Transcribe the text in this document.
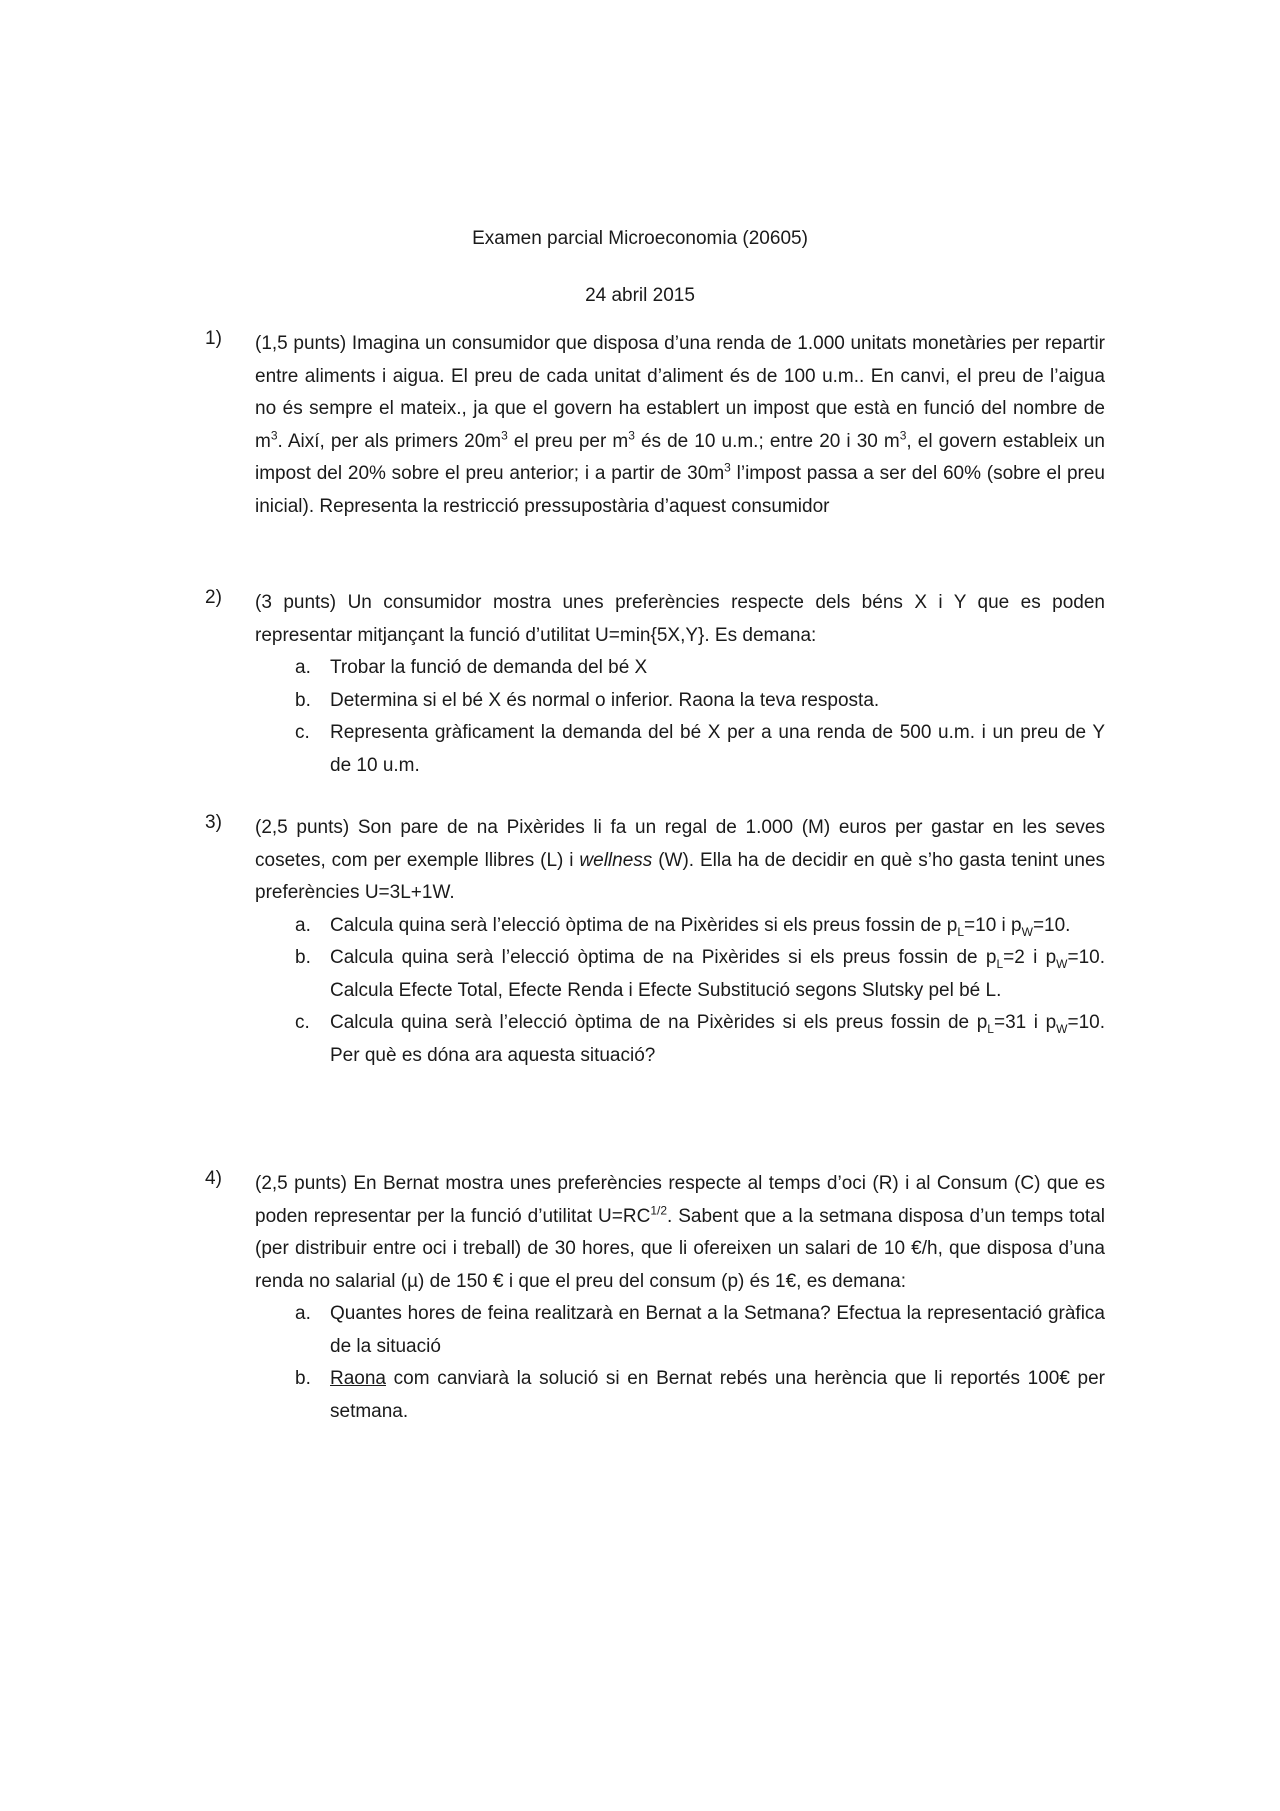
Examen parcial Microeconomia (20605)
24 abril 2015
1)	(1,5 punts) Imagina un consumidor que disposa d’una renda de 1.000 unitats monetàries per repartir entre aliments i aigua. El preu de cada unitat d’aliment és de 100 u.m.. En canvi, el preu de l’aigua no és sempre el mateix., ja que el govern ha establert un impost que està en funció del nombre de $m^3$. Així, per als primers $20m^3$ el preu per $m^3$ és de 10 u.m.; entre 20 i 30 $m^3$, el govern estableix un impost del 20% sobre el preu anterior; i a partir de $30m^3$ l’impost passa a ser del 60% (sobre el preu inicial). Representa la restricció pressupostària d’aquest consumidor

2)	(3 punts) Un consumidor mostra unes preferències respecte dels béns X i Y que es poden representar mitjançant la funció d’utilitat U=min{5X,Y}. Es demana:

a. Trobar la funció de demanda del bé X
b. Determina si el bé X és normal o inferior. Raona la teva resposta.
c. Representa gràficament la demanda del bé X per a una renda de 500 u.m. i un preu de Y de 10 u.m.
3)	(2,5 punts) Son pare de na Pixèrides li fa un regal de 1.000 (M) euros per gastar en les seves cosetes, com per exemple llibres (L) i wellness (W). Ella ha de decidir en què s’ho gasta tenint unes preferències U=3L+1W.

a. Calcula quina serà l’elecció òptima de na Pixèrides si els preus fossin de $p_L=10$ i $p_W=10$.
b. Calcula quina serà l’elecció òptima de na Pixèrides si els preus fossin de $p_L=2$ i $p_W=10$. Calcula Efecte Total, Efecte Renda i Efecte Substitució segons Slutsky pel bé L.
c. Calcula quina serà l’elecció òptima de na Pixèrides si els preus fossin de $p_L=31$ i $p_W=10$. Per què es dóna ara aquesta situació?
4)	(2,5 punts) En Bernat mostra unes preferències respecte al temps d’oci (R) i al Consum (C) que es poden representar per la funció d’utilitat $U=RC^{1/2}$. Sabent que a la setmana disposa d’un temps total (per distribuir entre oci i treball) de 30 hores, que li ofereixen un salari de 10 €/h, que disposa d’una renda no salarial (µ) de 150 € i que el preu del consum (p) és 1€, es demana:

a. Quantes hores de feina realitzarà en Bernat a la Setmana? Efectua la representació gràfica de la situació
b. Raona com canviarà la solució si en Bernat rebés una herència que li reportés 100€ per setmana.
